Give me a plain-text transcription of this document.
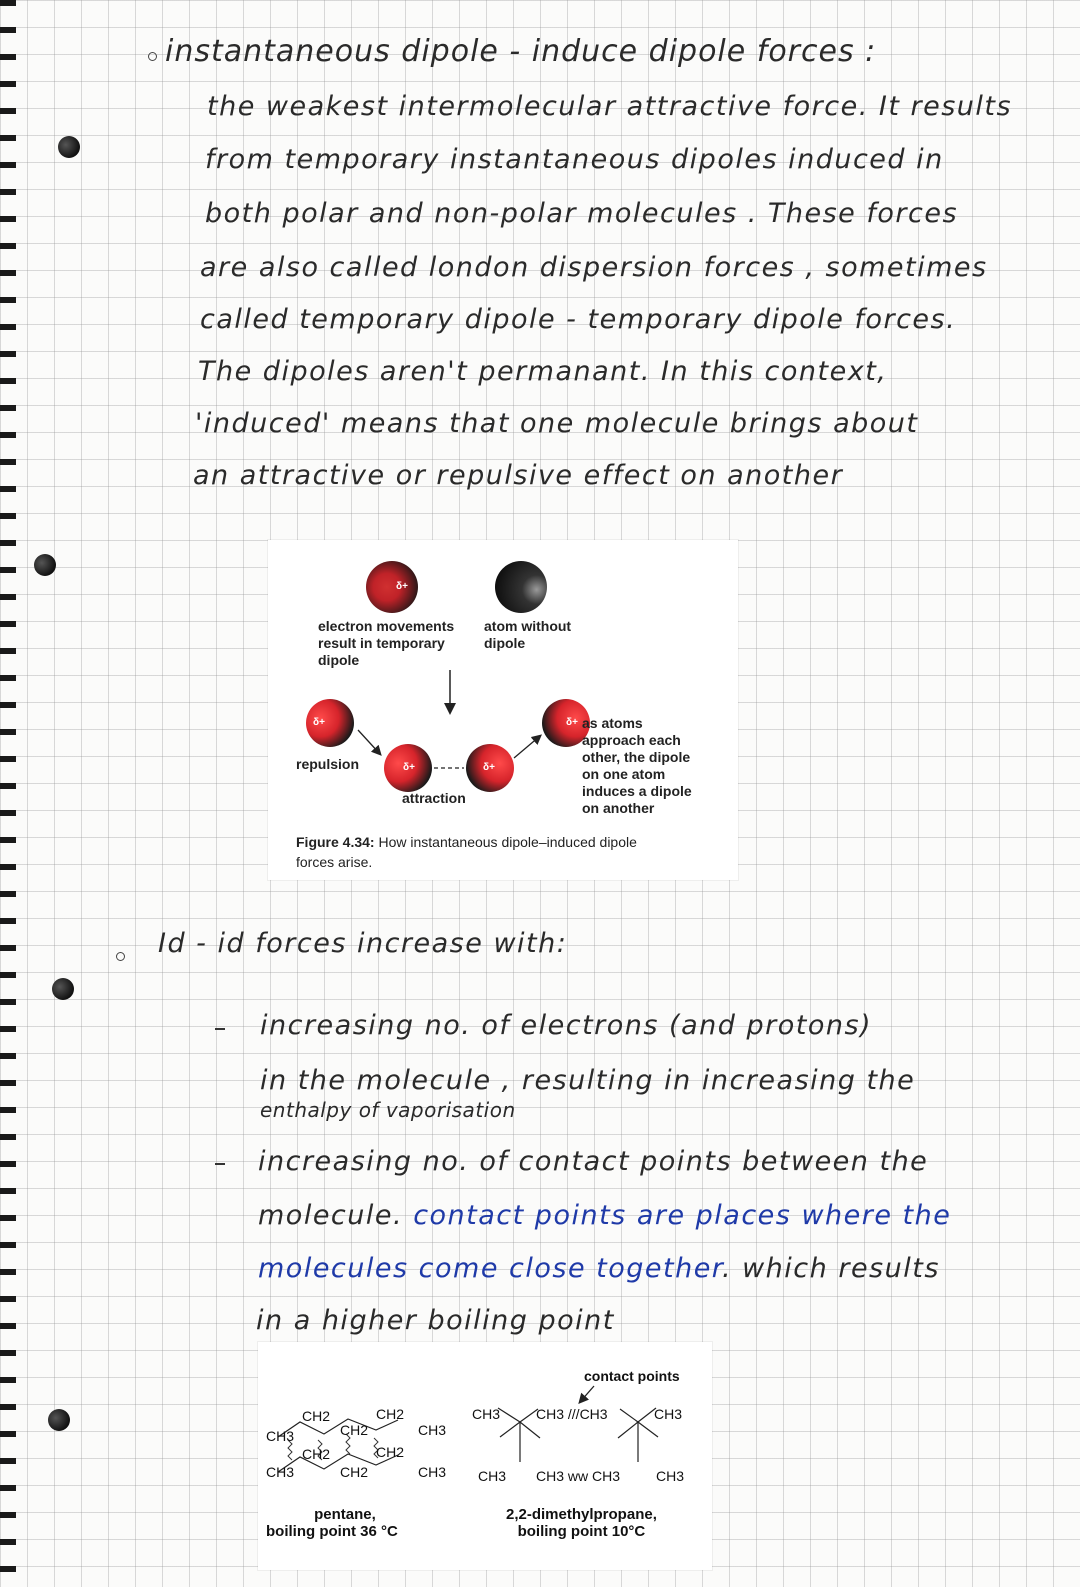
instantaneous dipole - induce dipole forces :
the weakest intermolecular attractive force. It results
from temporary instantaneous dipoles induced in
both polar and non-polar molecules . These forces
are also called london dispersion forces , sometimes
called temporary dipole - temporary dipole forces.
The dipoles aren't permanant. In this context,
'induced' means that one molecule brings about
an attractive or repulsive effect on another
δ+
δ+
δ+	δ+
δ+
electron movements
result in temporary
dipole
atom without
dipole
repulsion
attraction
as atoms
approach each
other, the dipole
on one atom
induces a dipole
on another
Figure 4.34: How instantaneous dipole–induced dipole
forces arise.
Id - id forces increase with:
increasing no. of electrons (and protons)
in the molecule , resulting in increasing the
enthalpy of vaporisation
increasing no. of contact points between the
molecule. contact points are places where the
molecules come close together. which results
in a higher boiling point
contact points
CH2	CH2
CH3	CH2	CH3
CH2	CH2
CH3	CH2	CH3
CH3	CH3 ///CH3	CH3
CH3 CH3 ww CH3	CH3
pentane,
boiling point 36 °C
2,2-dimethylpropane,
boiling point 10°C
